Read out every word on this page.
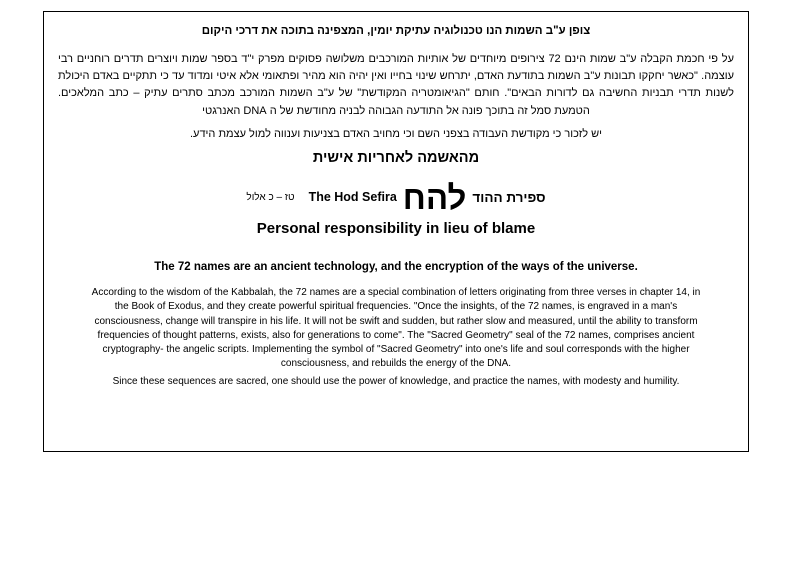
צופן ע"ב השמות הנו טכנולוגיה עתיקת יומין, המצפינה בתוכה את דרכי היקום
על פי חכמת הקבלה ע"ב שמות הינם 72 צירופים מיוחדים של אותיות המורכבים משלושה פסוקים מפרק י"ד בספר שמות ויוצרים תדרים רוחניים רבי עוצמה. "כאשר יחקקו תבונות ע"ב השמות בתודעת האדם, יתרחש שינוי בחייו ואין יהיה הוא מהיר ופתאומי אלא איטי ומדוד עד כי תתקיים באדם היכולת לשנות תדרי תבניות החשיבה גם לדורות הבאים". חותם "הגיאומטריה המקודשת" של ע"ב השמות המורכב מכתב סתרים עתיק – כתב המלאכים. הטמעת סמל זה בתוכך פונה אל התודעה הגבוהה לבניה מחודשת של ה DNA האנרגטי
יש לזכור כי מקודשת העבודה בצפני השם וכי מחויב האדם בצניעות וענווה למול עצמת הידע.
מהאשמה לאחריות אישית
טז – כ אלול The Hod Sefira להח ספירת ההוד
Personal responsibility in lieu of blame
The 72 names are an ancient technology, and the encryption of the ways of the universe.
According to the wisdom of the Kabbalah, the 72 names are a special combination of letters originating from three verses in chapter 14, in the Book of Exodus, and they create powerful spiritual frequencies. "Once the insights, of the 72 names, is engraved in a man's consciousness, change will transpire in his life. It will not be swift and sudden, but rather slow and measured, until the ability to transform frequencies of thought patterns, exists, also for generations to come". The "Sacred Geometry" seal of the 72 names, comprises ancient cryptography- the angelic scripts. Implementing the symbol of "Sacred Geometry" into one's life and soul corresponds with the higher consciousness, and rebuilds the energy of the DNA.
Since these sequences are sacred, one should use the power of knowledge, and practice the names, with modesty and humility.
